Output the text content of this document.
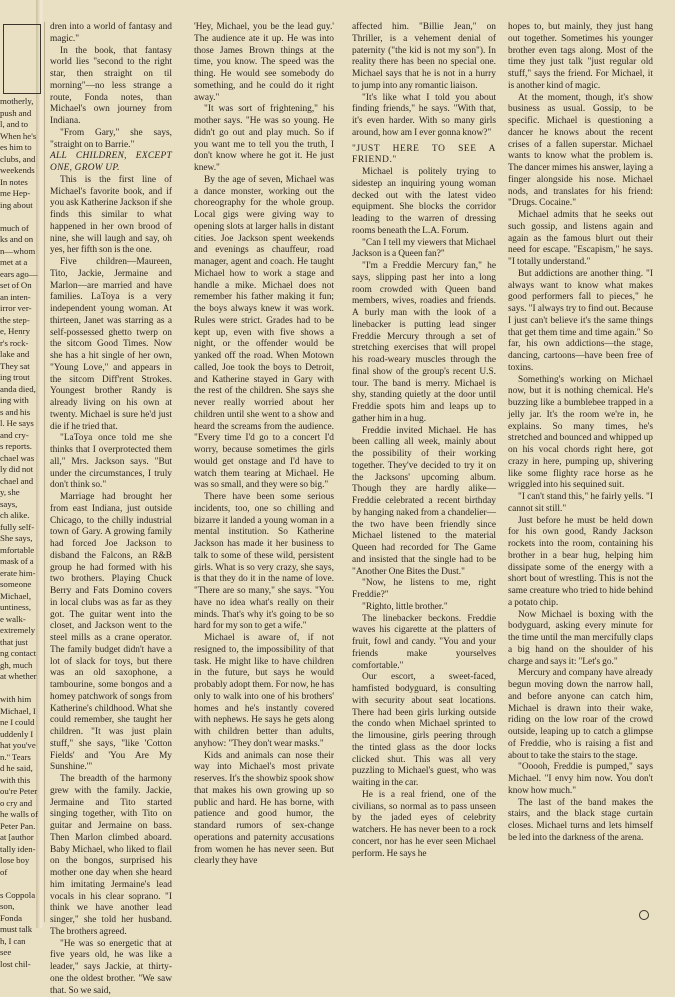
motherly,
push and
l, and to
When he's
es him to
clubs, and
weekends
In notes
me Hep-
ing about

much of
ks and on
n—whom
met at a
ears ago—
set of On
an inten-
irror ver-
the step-
e, Henry
r's rock-
lake and
They sat
ing trout
anda died,
ing with
s and his
l. He says
and cry-
s reports.
chael was
ly did not
chael and
y, she says,
ch alike.
fully self-
She says,
mfortable
mask of a
erate him-
someone
Michael,
untiness,
e walk-
extremely
that just
ng contact
gh, much
at whether

with him
Michael, I
ne I could
uddenly I
hat you've
n." Tears
d he said,
with this
ou're Peter
o cry and
he walls of
Peter Pan.
at [author
tally iden-
lose boy of

s Coppola
son, Fonda
must talk
h, I can see
lost chil-

dren into a world of fantasy and magic."

In the book, that fantasy world lies "second to the right star, then straight on til morning"—no less strange a route, Fonda notes, than Michael's own journey from Indiana.

"From Gary," she says, "straight on to Barrie."

ALL CHILDREN, EXCEPT ONE, GROW UP.

This is the first line of Michael's favorite book, and if you ask Katherine Jackson if she finds this similar to what happened in her own brood of nine, she will laugh and say, oh yes, her fifth son is the one.

Five children—Maureen, Tito, Jackie, Jermaine and Marlon—are married and have families. LaToya is a very independent young woman. At thirteen, Janet was starring as a self-possessed ghetto twerp on the sitcom Good Times. Now she has a hit single of her own, "Young Love," and appears in the sitcom Diff'rent Strokes. Youngest brother Randy is already living on his own at twenty. Michael is sure he'd just die if he tried that.

"LaToya once told me she thinks that I overprotected them all," Mrs. Jackson says. "But under the circumstances, I truly don't think so."

Marriage had brought her from east Indiana, just outside Chicago, to the chilly industrial town of Gary. A growing family had forced Joe Jackson to disband the Falcons, an R&B group he had formed with his two brothers. Playing Chuck Berry and Fats Domino covers in local clubs was as far as they got. The guitar went into the closet, and Jackson went to the steel mills as a crane operator. The family budget didn't have a lot of slack for toys, but there was an old saxophone, a tambourine, some bongos and a homey patchwork of songs from Katherine's childhood. What she could remember, she taught her children. "It was just plain stuff," she says, "like 'Cotton Fields' and 'You Are My Sunshine.'"

The breadth of the harmony grew with the family. Jackie, Jermaine and Tito started singing together, with Tito on guitar and Jermaine on bass. Then Marlon climbed aboard. Baby Michael, who liked to flail on the bongos, surprised his mother one day when she heard him imitating Jermaine's lead vocals in his clear soprano. "I think we have another lead singer," she told her husband. The brothers agreed.

"He was so energetic that at five years old, he was like a leader," says Jackie, at thirty-one the oldest brother. "We saw that. So we said,

'Hey, Michael, you be the lead guy.' The audience ate it up. He was into those James Brown things at the time, you know. The speed was the thing. He would see somebody do something, and he could do it right away."

"It was sort of frightening," his mother says. "He was so young. He didn't go out and play much. So if you want me to tell you the truth, I don't know where he got it. He just knew."

By the age of seven, Michael was a dance monster, working out the choreography for the whole group. Local gigs were giving way to opening slots at larger halls in distant cities. Joe Jackson spent weekends and evenings as chauffeur, road manager, agent and coach. He taught Michael how to work a stage and handle a mike. Michael does not remember his father making it fun; the boys always knew it was work. Rules were strict. Grades had to be kept up, even with five shows a night, or the offender would be yanked off the road. When Motown called, Joe took the boys to Detroit, and Katherine stayed in Gary with the rest of the children. She says she never really worried about her children until she went to a show and heard the screams from the audience. "Every time I'd go to a concert I'd worry, because sometimes the girls would get onstage and I'd have to watch them tearing at Michael. He was so small, and they were so big."

There have been some serious incidents, too, one so chilling and bizarre it landed a young woman in a mental institution. So Katherine Jackson has made it her business to talk to some of these wild, persistent girls. What is so very crazy, she says, is that they do it in the name of love. "There are so many," she says. "You have no idea what's really on their minds. That's why it's going to be so hard for my son to get a wife."

Michael is aware of, if not resigned to, the impossibility of that task. He might like to have children in the future, but says he would probably adopt them. For now, he has only to walk into one of his brothers' homes and he's instantly covered with nephews. He says he gets along with children better than adults, anyhow: "They don't wear masks."

Kids and animals can nose their way into Michael's most private reserves. It's the showbiz spook show that makes his own growing up so public and hard. He has borne, with patience and good humor, the standard rumors of sex-change operations and paternity accusations from women he has never seen. But clearly they have

affected him. "Billie Jean," on Thriller, is a vehement denial of paternity ("the kid is not my son"). In reality there has been no special one. Michael says that he is not in a hurry to jump into any romantic liaison.

"It's like what I told you about finding friends," he says. "With that, it's even harder. With so many girls around, how am I ever gonna know?"

"JUST HERE TO SEE A FRIEND."

Michael is politely trying to sidestep an inquiring young woman decked out with the latest video equipment. She blocks the corridor leading to the warren of dressing rooms beneath the L.A. Forum.

"Can I tell my viewers that Michael Jackson is a Queen fan?"

"I'm a Freddie Mercury fan," he says, slipping past her into a long room crowded with Queen band members, wives, roadies and friends. A burly man with the look of a linebacker is putting lead singer Freddie Mercury through a set of stretching exercises that will propel his road-weary muscles through the final show of the group's recent U.S. tour. The band is merry. Michael is shy, standing quietly at the door until Freddie spots him and leaps up to gather him in a hug.

Freddie invited Michael. He has been calling all week, mainly about the possibility of their working together. They've decided to try it on the Jacksons' upcoming album. Though they are hardly alike—Freddie celebrated a recent birthday by hanging naked from a chandelier—the two have been friendly since Michael listened to the material Queen had recorded for The Game and insisted that the single had to be "Another One Bites the Dust."

"Now, he listens to me, right Freddie?"

"Righto, little brother."

The linebacker beckons. Freddie waves his cigarette at the platters of fruit, fowl and candy. "You and your friends make yourselves comfortable."

Our escort, a sweet-faced, hamfisted bodyguard, is consulting with security about seat locations. There had been girls lurking outside the condo when Michael sprinted to the limousine, girls peering through the tinted glass as the door locks clicked shut. This was all very puzzling to Michael's guest, who was waiting in the car.

He is a real friend, one of the civilians, so normal as to pass unseen by the jaded eyes of celebrity watchers. He has never been to a rock concert, nor has he ever seen Michael perform. He says he

hopes to, but mainly, they just hang out together. Sometimes his younger brother even tags along. Most of the time they just talk "just regular old stuff," says the friend. For Michael, it is another kind of magic.

At the moment, though, it's show business as usual. Gossip, to be specific. Michael is questioning a dancer he knows about the recent crises of a fallen superstar. Michael wants to know what the problem is. The dancer mimes his answer, laying a finger alongside his nose. Michael nods, and translates for his friend: "Drugs. Cocaine."

Michael admits that he seeks out such gossip, and listens again and again as the famous blurt out their need for escape. "Escapism," he says. "I totally understand."

But addictions are another thing. "I always want to know what makes good performers fall to pieces," he says. "I always try to find out. Because I just can't believe it's the same things that get them time and time again." So far, his own addictions—the stage, dancing, cartoons—have been free of toxins.

Something's working on Michael now, but it is nothing chemical. He's buzzing like a bumblebee trapped in a jelly jar. It's the room we're in, he explains. So many times, he's stretched and bounced and whipped up on his vocal chords right here, got crazy in here, pumping up, shivering like some flighty race horse as he wriggled into his sequined suit.

"I can't stand this," he fairly yells. "I cannot sit still."

Just before he must be held down for his own good, Randy Jackson rockets into the room, containing his brother in a bear hug, helping him dissipate some of the energy with a short bout of wrestling. This is not the same creature who tried to hide behind a potato chip.

Now Michael is boxing with the bodyguard, asking every minute for the time until the man mercifully claps a big hand on the shoulder of his charge and says it: "Let's go."

Mercury and company have already begun moving down the narrow hall, and before anyone can catch him, Michael is drawn into their wake, riding on the low roar of the crowd outside, leaping up to catch a glimpse of Freddie, who is raising a fist and about to take the stairs to the stage.

"Ooooh, Freddie is pumped," says Michael. "I envy him now. You don't know how much."

The last of the band makes the stairs, and the black stage curtain closes. Michael turns and lets himself be led into the darkness of the arena.
